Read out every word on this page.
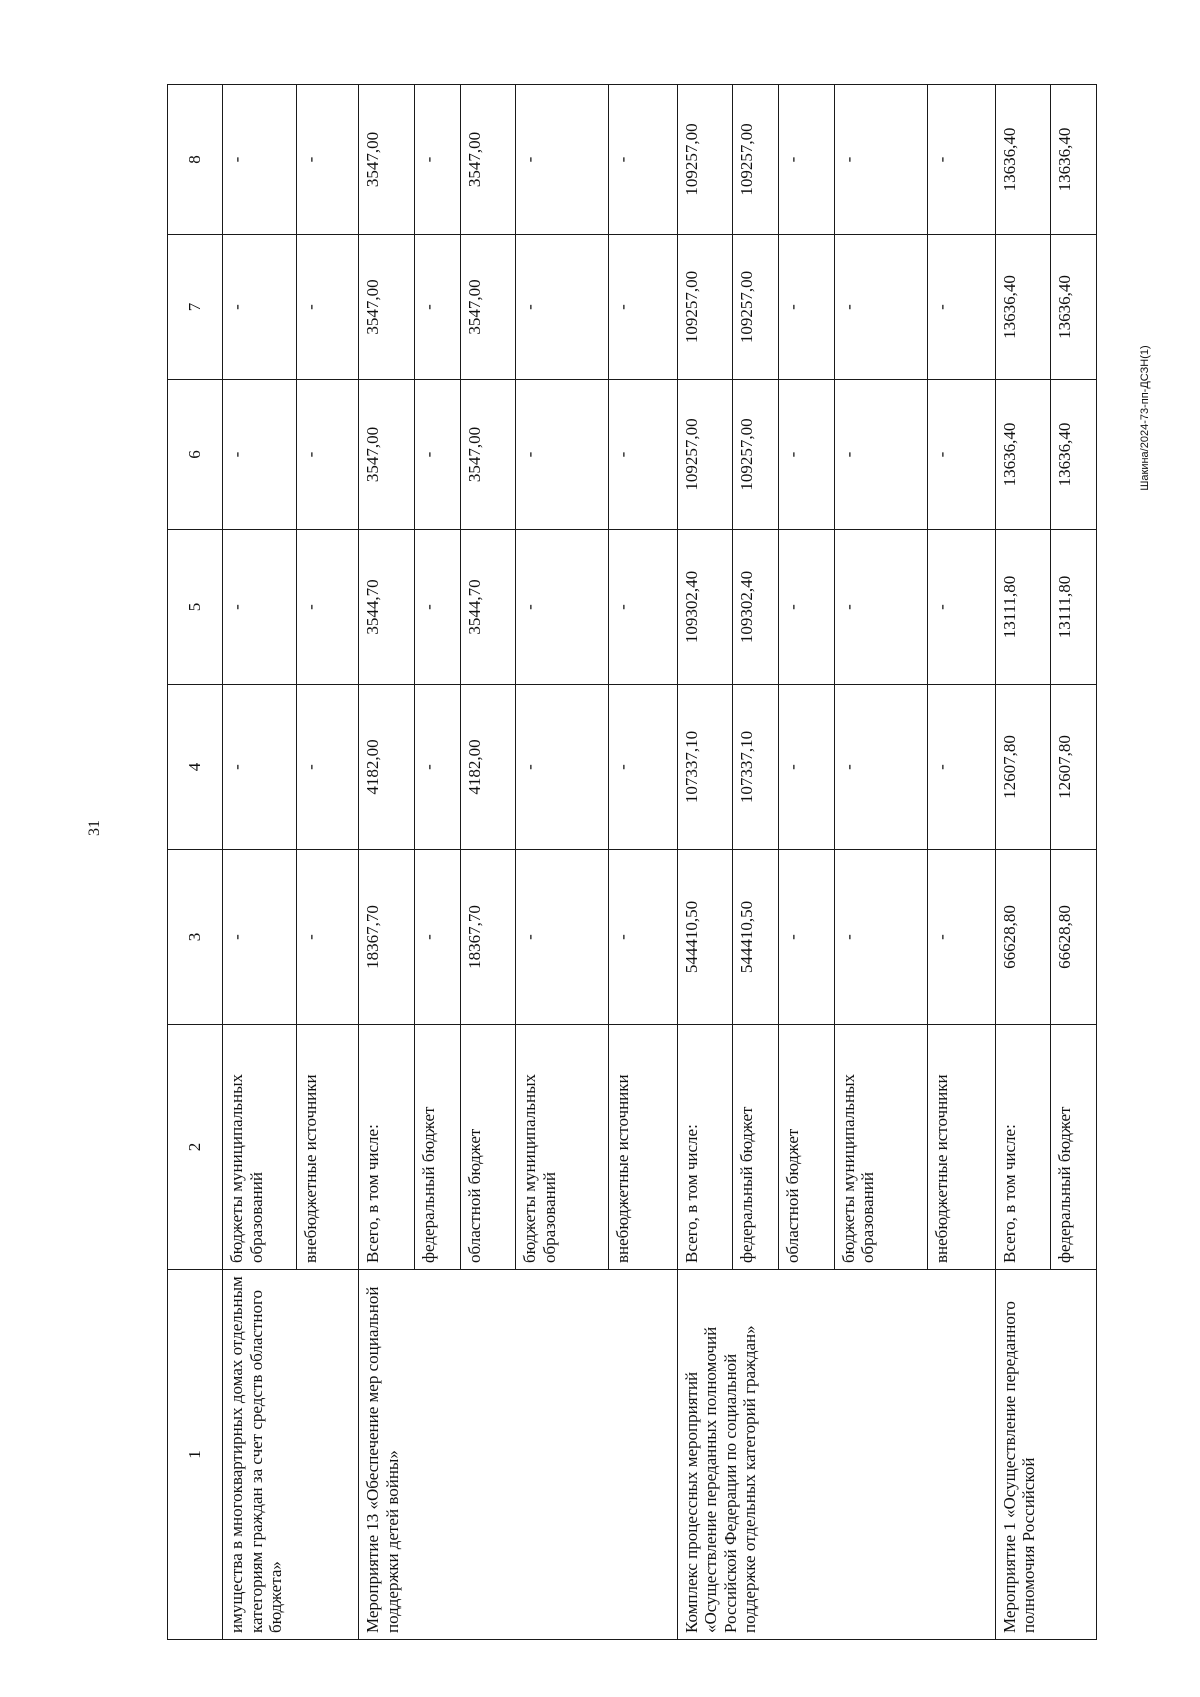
31
Шакина/2024-73-пп-ДСЗН(1)
1	2	3	4	5	6	7	8
имущества в многоквартирных домах отдельным категориям граждан за счет средств областного бюджета»	бюджеты муниципальных образований	-	-	-	-	-	-
	внебюджетные источники	-	-	-	-	-	-
Мероприятие 13 «Обеспечение мер социальной поддержки детей войны»	Всего, в том числе:	18367,70	4182,00	3544,70	3547,00	3547,00	3547,00
	федеральный бюджет	-	-	-	-	-	-
	областной бюджет	18367,70	4182,00	3544,70	3547,00	3547,00	3547,00
	бюджеты муниципальных образований	-	-	-	-	-	-
	внебюджетные источники	-	-	-	-	-	-
Комплекс процессных мероприятий «Осуществление переданных полномочий Российской Федерации по социальной поддержке отдельных категорий граждан»	Всего, в том числе:	544410,50	107337,10	109302,40	109257,00	109257,00	109257,00
	федеральный бюджет	544410,50	107337,10	109302,40	109257,00	109257,00	109257,00
	областной бюджет	-	-	-	-	-	-
	бюджеты муниципальных образований	-	-	-	-	-	-
	внебюджетные источники	-	-	-	-	-	-
Мероприятие 1 «Осуществление переданного полномочия Российской	Всего, в том числе:	66628,80	12607,80	13111,80	13636,40	13636,40	13636,40
	федеральный бюджет	66628,80	12607,80	13111,80	13636,40	13636,40	13636,40
